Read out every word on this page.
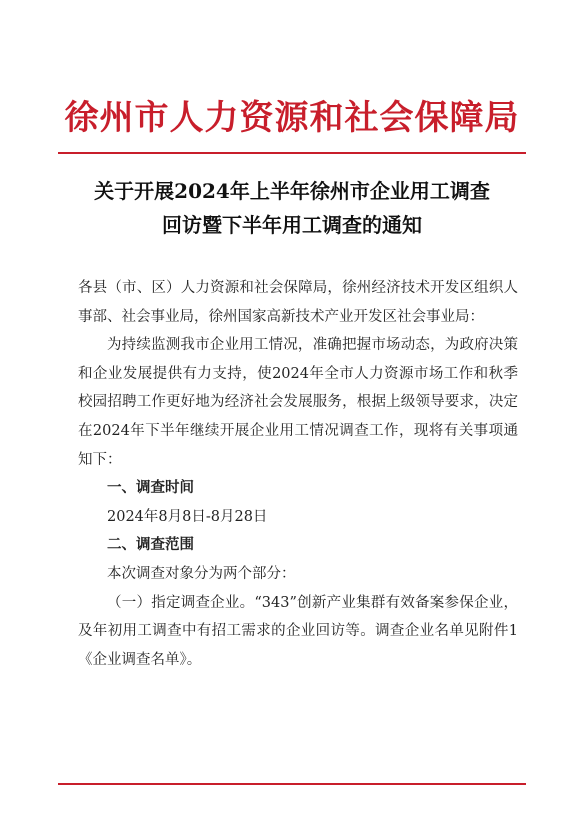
徐州市人力资源和社会保障局
关于开展2024年上半年徐州市企业用工调查
回访暨下半年用工调查的通知

各县（市、区）人力资源和社会保障局，徐州经济技术开发区组织人事部、社会事业局，徐州国家高新技术产业开发区社会事业局：

为持续监测我市企业用工情况，准确把握市场动态，为政府决策和企业发展提供有力支持，使2024年全市人力资源市场工作和秋季校园招聘工作更好地为经济社会发展服务，根据上级领导要求，决定在2024年下半年继续开展企业用工情况调查工作，现将有关事项通知下：

一、调查时间

2024年8月8日-8月28日

二、调查范围

本次调查对象分为两个部分：

（一）指定调查企业。“343”创新产业集群有效备案参保企业，及年初用工调查中有招工需求的企业回访等。调查企业名单见附件1《企业调查名单》。
